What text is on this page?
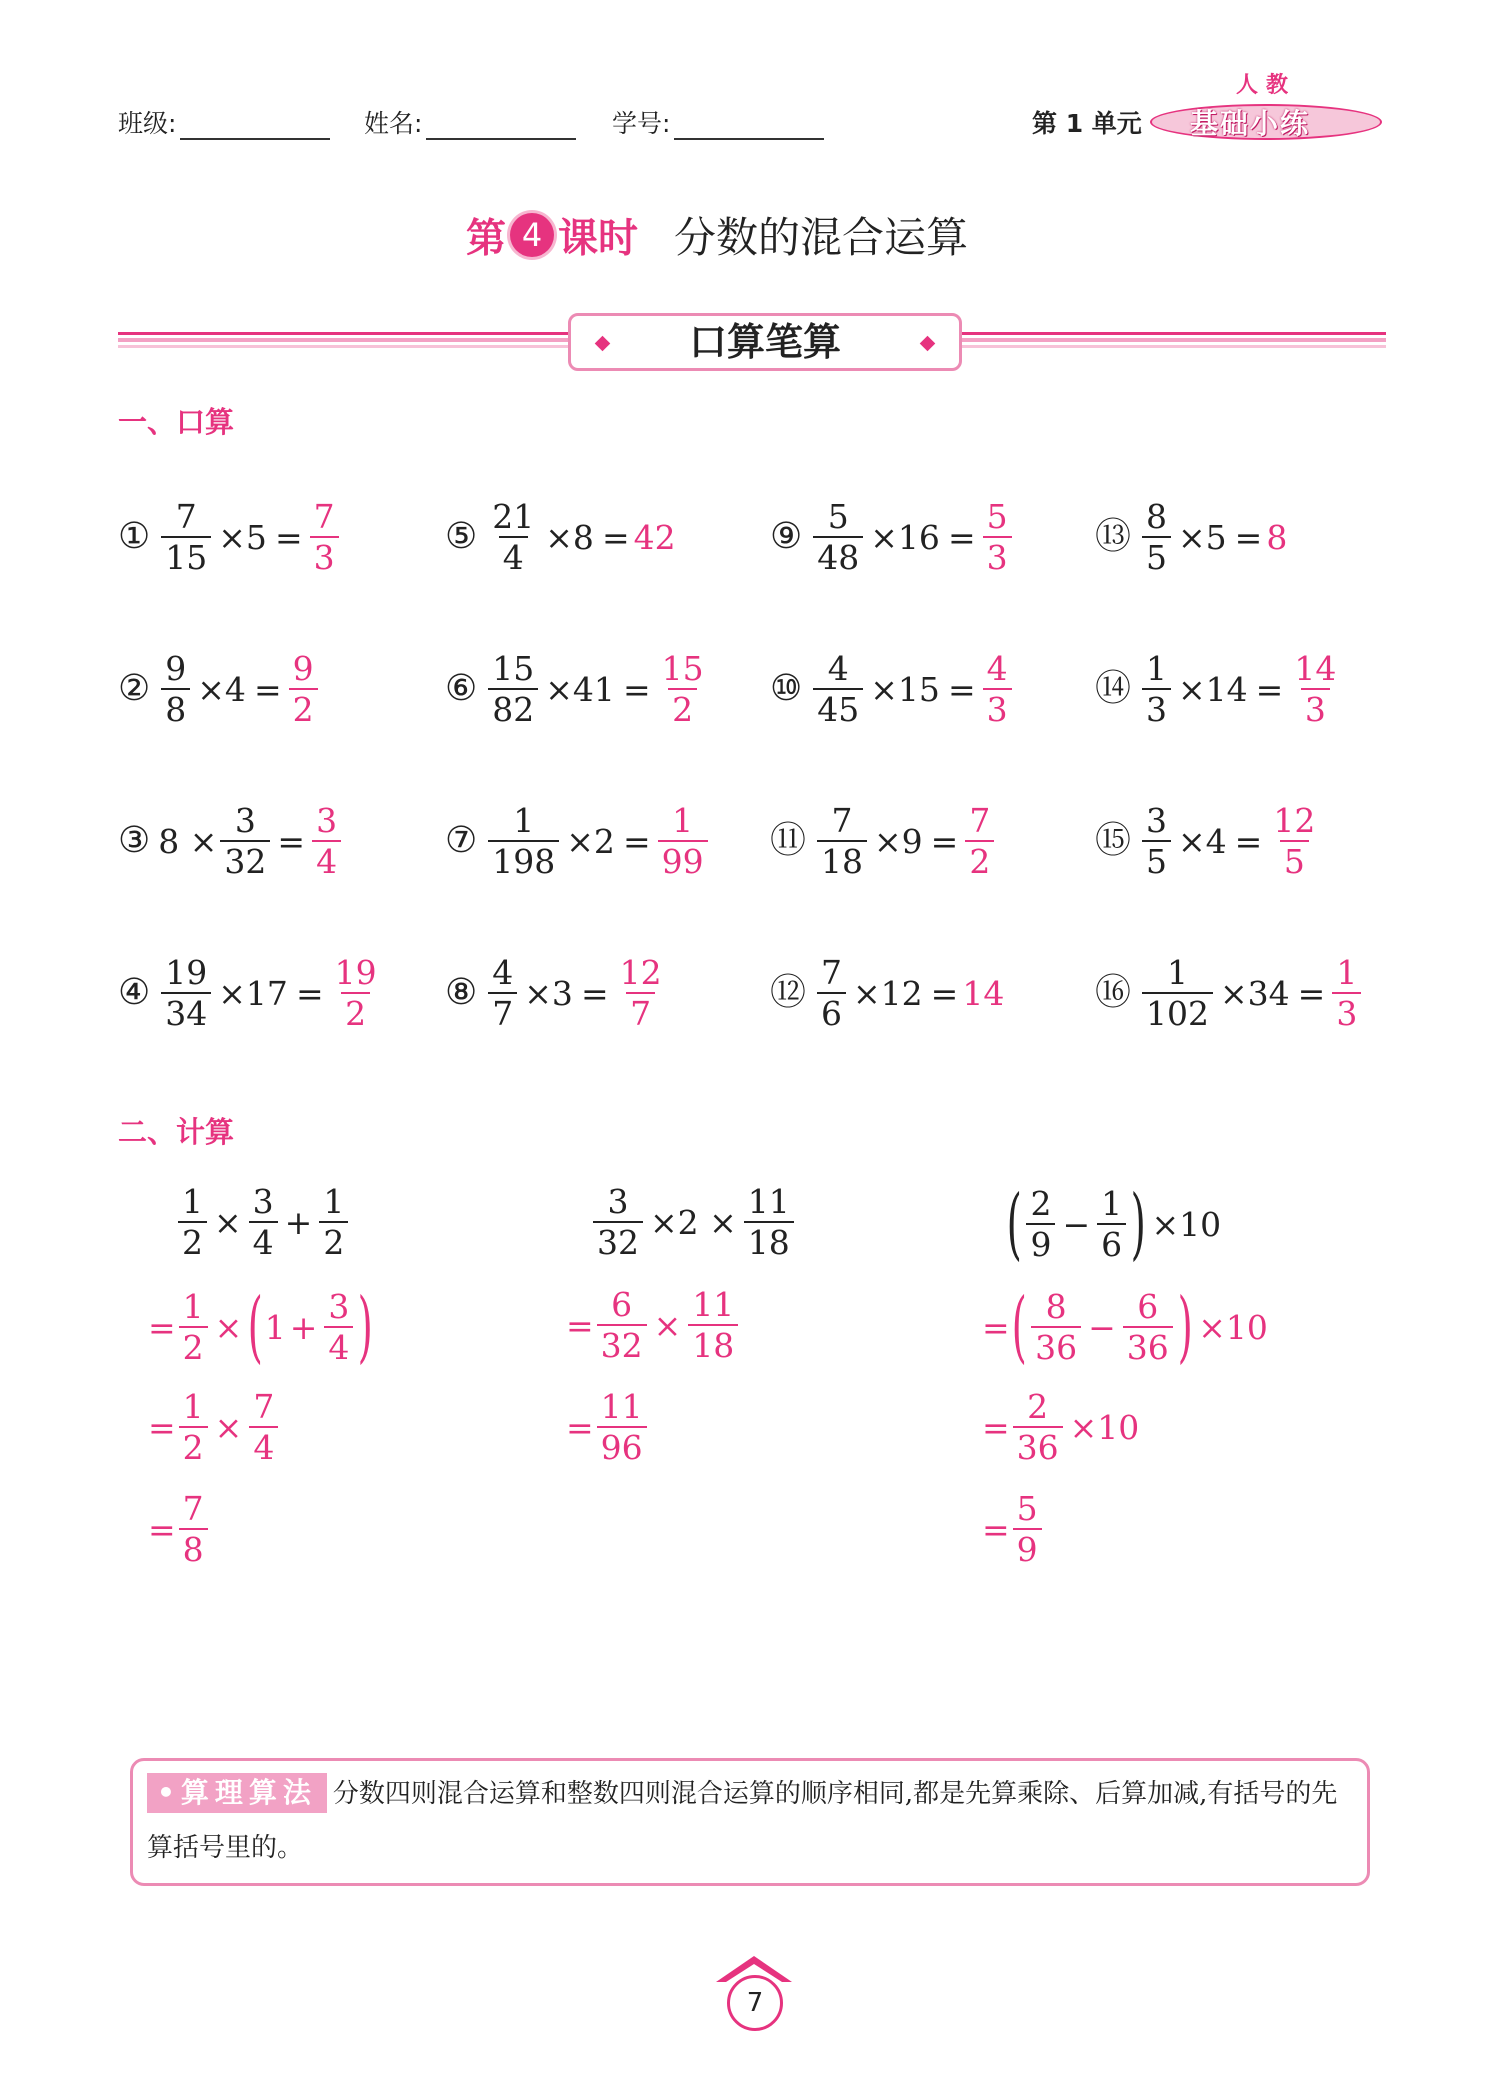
班级:	姓名:	学号:	第 1 单元
人教
基础小练
第 4 课时 分数的混合运算
口算笔算
一、口算
二、计算
① $\frac{7}{15} \times 5 = \frac{7}{3}$
② $\frac{9}{8} \times 4 = \frac{9}{2}$
③ $8 \times \frac{3}{32} = \frac{3}{4}$
④ $\frac{19}{34} \times 17 = \frac{19}{2}$
⑤ $\frac{21}{4} \times 8 = 42$
⑥ $\frac{15}{82} \times 41 = \frac{15}{2}$
⑦ $\frac{1}{198} \times 2 = \frac{1}{99}$
⑧ $\frac{4}{7} \times 3 = \frac{12}{7}$
⑨ $\frac{5}{48} \times 16 = \frac{5}{3}$
⑩ $\frac{4}{45} \times 15 = \frac{4}{3}$
⑪ $\frac{7}{18} \times 9 = \frac{7}{2}$
⑫ $\frac{7}{6} \times 12 = 14$
⑬ $\frac{8}{5} \times 5 = 8$
⑭ $\frac{1}{3} \times 14 = \frac{14}{3}$
⑮ $\frac{3}{5} \times 4 = \frac{12}{5}$
⑯ $\frac{1}{102} \times 34 = \frac{1}{3}$
$\frac{1}{2} \times \frac{3}{4} + \frac{1}{2}$
= $\frac{1}{2}$ × ( $1 + \frac{3}{4}$ )
= $\frac{1}{2} \times \frac{7}{4}$
= $\frac{7}{8}$
$\frac{3}{32} \times 2 \times \frac{11}{18}$
= $\frac{6}{32} \times \frac{11}{18}$
= $\frac{11}{96}$
( $\frac{2}{9} - \frac{1}{6}$ ) ×10
= ( $\frac{8}{36} - \frac{6}{36}$ ) ×10
= $\frac{2}{36} \times 10$
= $\frac{5}{9}$
•算理算法 分数四则混合运算和整数四则混合运算的顺序相同,都是先算乘除、后算加减,有括号的先算括号里的。
7
